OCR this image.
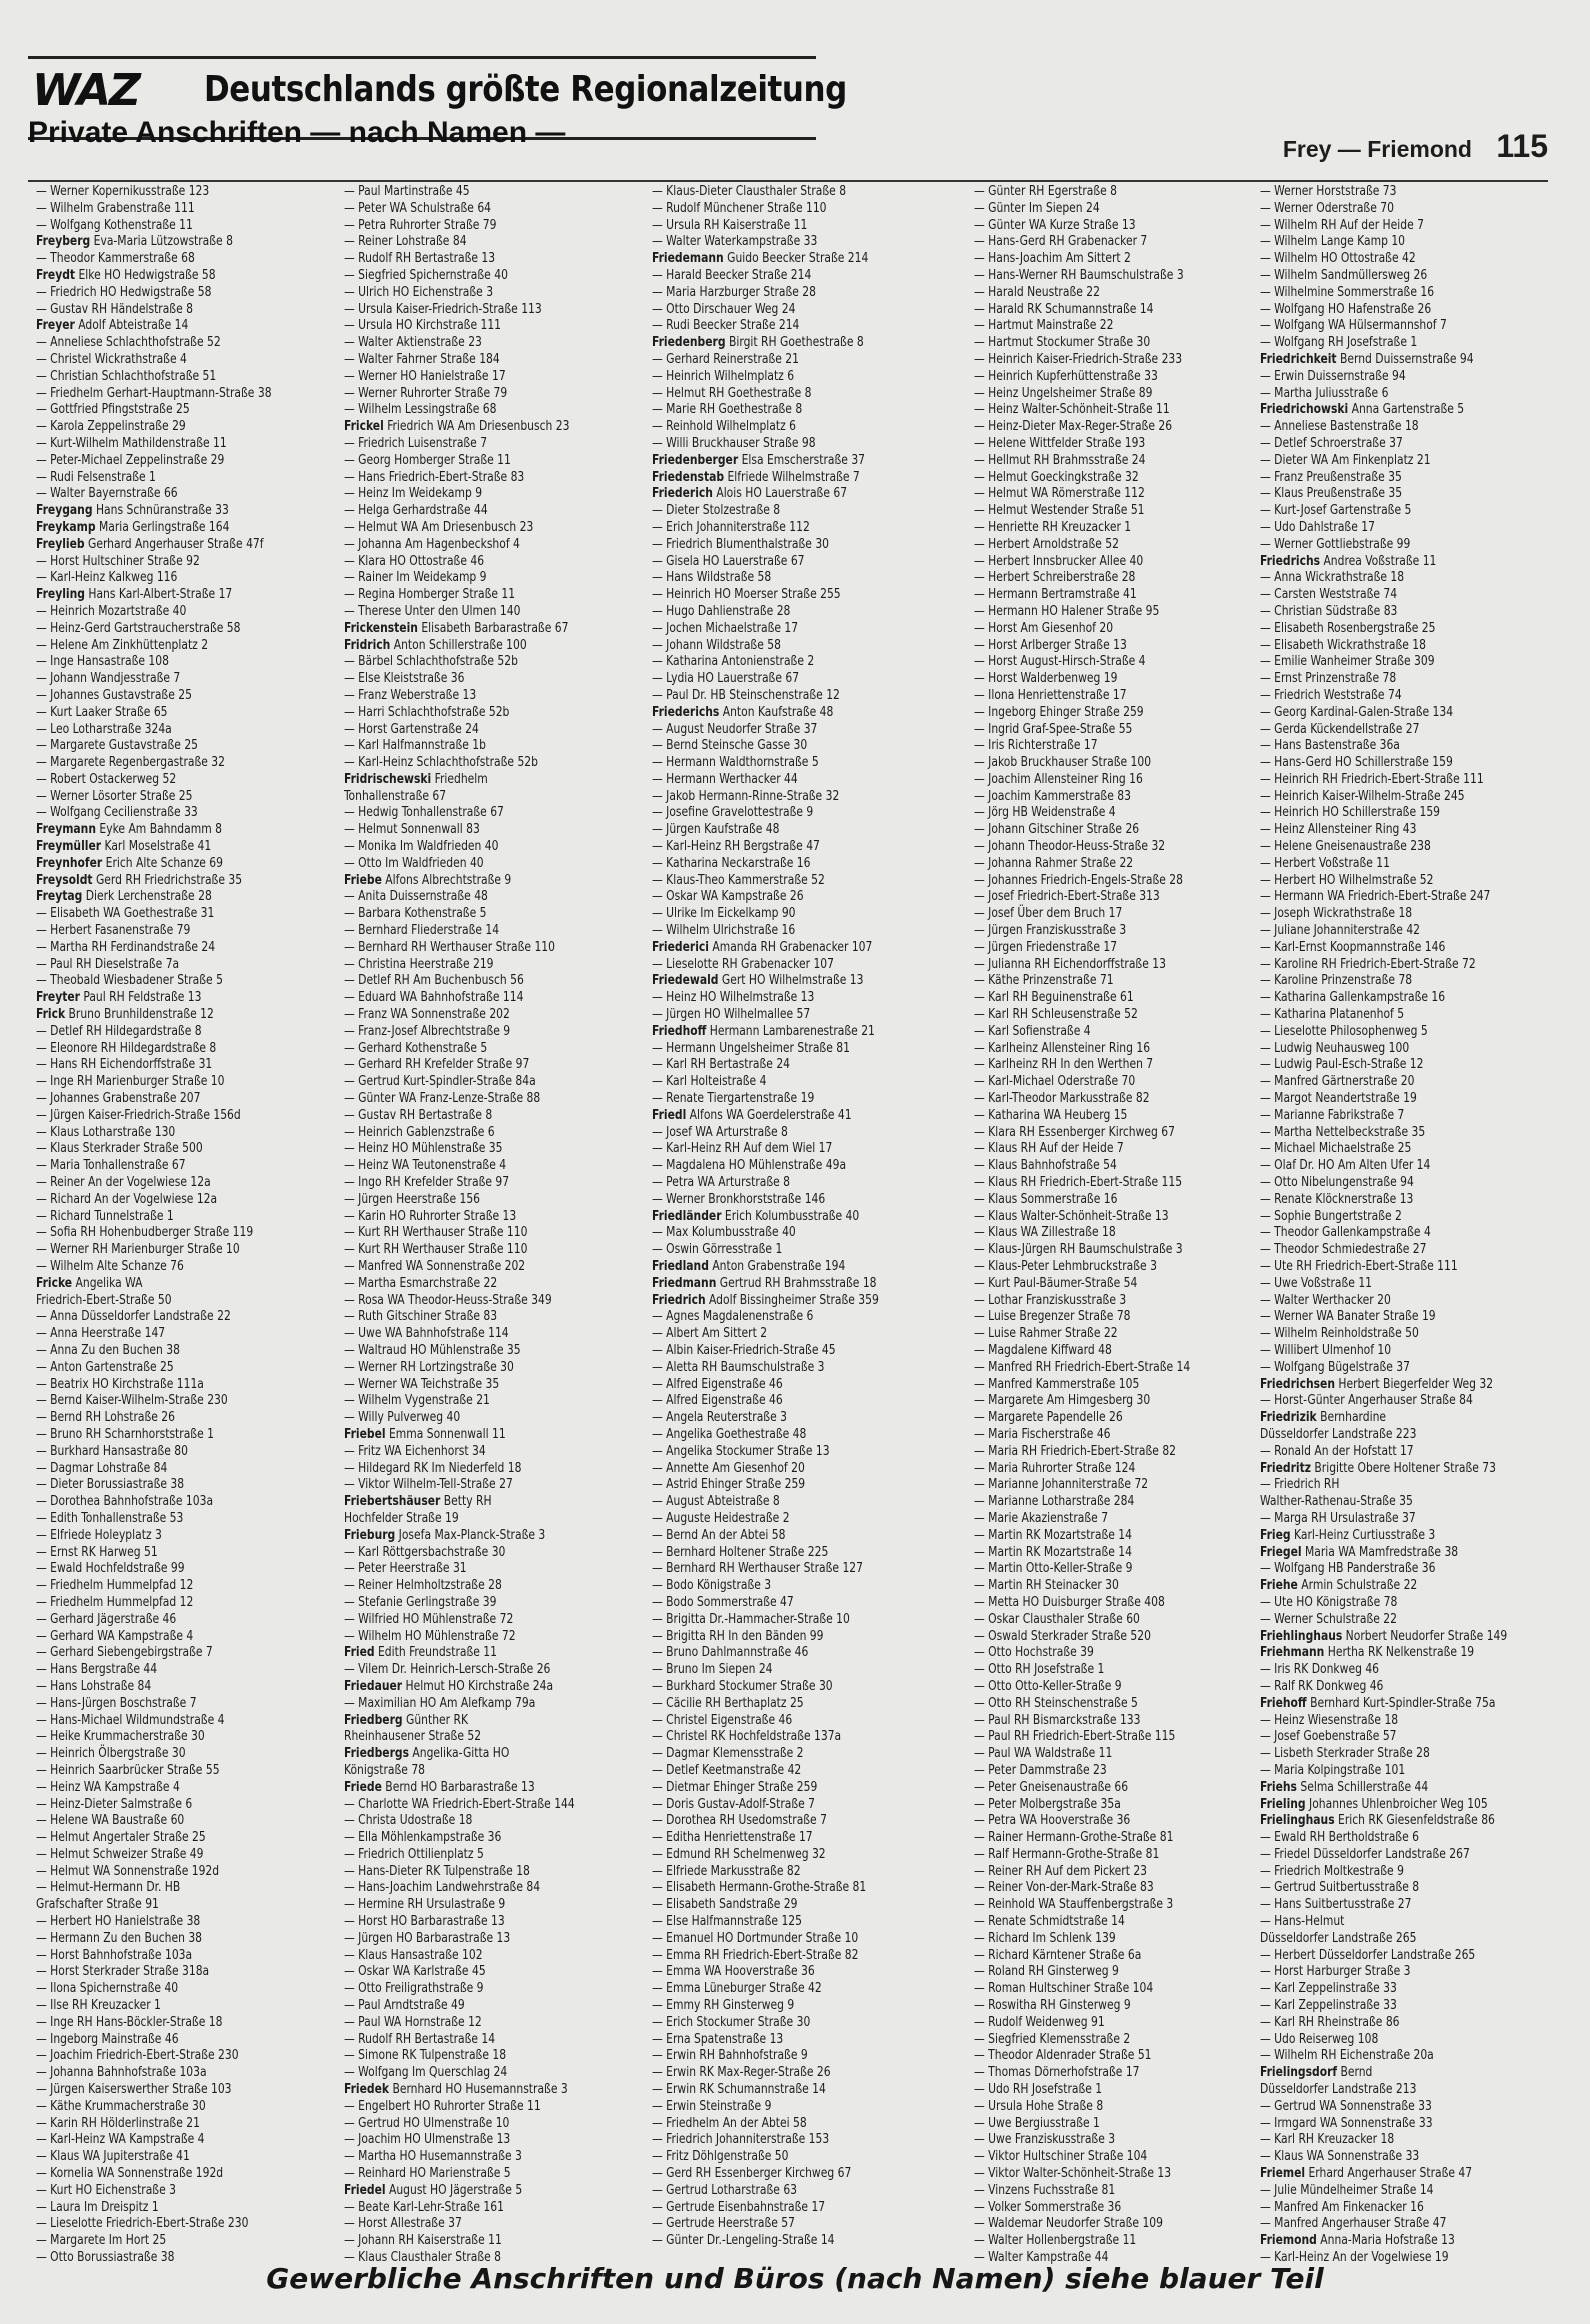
WAZ Deutschlands größte Regionalzeitung
Private Anschriften — nach Namen —	Frey — Friemond 115
— Werner Kopernikusstraße 123
— Wilhelm Grabenstraße 111
— Wolfgang Kothenstraße 11
Freyberg Eva-Maria Lützowstraße 8
— Theodor Kammerstraße 68
Freydt Elke HO Hedwigstraße 58
— Friedrich HO Hedwigstraße 58
— Gustav RH Händelstraße 8
Freyer Adolf Abteistraße 14
— Anneliese Schlachthofstraße 52
— Christel Wickrathstraße 4
— Christian Schlachthofstraße 51
— Friedhelm Gerhart-Hauptmann-Straße 38
— Gottfried Pfingststraße 25
— Karola Zeppelinstraße 29
— Kurt-Wilhelm Mathildenstraße 11
— Peter-Michael Zeppelinstraße 29
— Rudi Felsenstraße 1
— Walter Bayernstraße 66
Freygang Hans Schnüranstraße 33
Freykamp Maria Gerlingstraße 164
Freylieb Gerhard Angerhauser Straße 47f
— Horst Hultschiner Straße 92
— Karl-Heinz Kalkweg 116
Freyling Hans Karl-Albert-Straße 17
— Heinrich Mozartstraße 40
— Heinz-Gerd Gartstraucherstraße 58
— Helene Am Zinkhüttenplatz 2
— Inge Hansastraße 108
— Johann Wandjesstraße 7
— Johannes Gustavstraße 25
— Kurt Laaker Straße 65
— Leo Lotharstraße 324a
— Margarete Gustavstraße 25
— Margarete Regenbergastraße 32
— Robert Ostackerweg 52
— Werner Lösorter Straße 25
— Wolfgang Cecilienstraße 33
Freymann Eyke Am Bahndamm 8
Freymüller Karl Moselstraße 41
Freynhofer Erich Alte Schanze 69
Freysoldt Gerd RH Friedrichstraße 35
Freytag Dierk Lerchenstraße 28
— Elisabeth WA Goethestraße 31
— Herbert Fasanenstraße 79
— Martha RH Ferdinandstraße 24
— Paul RH Dieselstraße 7a
— Theobald Wiesbadener Straße 5
Freyter Paul RH Feldstraße 13
Frick Bruno Brunhildenstraße 12
— Detlef RH Hildegardstraße 8
— Eleonore RH Hildegardstraße 8
— Hans RH Eichendorffstraße 31
— Inge RH Marienburger Straße 10
— Johannes Grabenstraße 207
— Jürgen Kaiser-Friedrich-Straße 156d
— Klaus Lotharstraße 130
— Klaus Sterkrader Straße 500
— Maria Tonhallenstraße 67
— Reiner An der Vogelwiese 12a
— Richard An der Vogelwiese 12a
— Richard Tunnelstraße 1
— Sofia RH Hohenbudberger Straße 119
— Werner RH Marienburger Straße 10
— Wilhelm Alte Schanze 76
Fricke Angelika WA
Friedrich-Ebert-Straße 50
— Anna Düsseldorfer Landstraße 22
— Anna Heerstraße 147
— Anna Zu den Buchen 38
— Anton Gartenstraße 25
— Beatrix HO Kirchstraße 111a
— Bernd Kaiser-Wilhelm-Straße 230
— Bernd RH Lohstraße 26
— Bruno RH Scharnhorststraße 1
— Burkhard Hansastraße 80
— Dagmar Lohstraße 84
— Dieter Borussiastraße 38
— Dorothea Bahnhofstraße 103a
— Edith Tonhallenstraße 53
— Elfriede Holeyplatz 3
— Ernst RK Harweg 51
— Ewald Hochfeldstraße 99
— Friedhelm Hummelpfad 12
— Friedhelm Hummelpfad 12
— Gerhard Jägerstraße 46
— Gerhard WA Kampstraße 4
— Gerhard Siebengebirgstraße 7
— Hans Bergstraße 44
— Hans Lohstraße 84
— Hans-Jürgen Boschstraße 7
— Hans-Michael Wildmundstraße 4
— Heike Krummacherstraße 30
— Heinrich Ölbergstraße 30
— Heinrich Saarbrücker Straße 55
— Heinz WA Kampstraße 4
— Heinz-Dieter Salmstraße 6
— Helene WA Baustraße 60
— Helmut Angertaler Straße 25
— Helmut Schweizer Straße 49
— Helmut WA Sonnenstraße 192d
— Helmut-Hermann Dr. HB
Grafschafter Straße 91
— Herbert HO Hanielstraße 38
— Hermann Zu den Buchen 38
— Horst Bahnhofstraße 103a
— Horst Sterkrader Straße 318a
— Ilona Spichernstraße 40
— Ilse RH Kreuzacker 1
— Inge RH Hans-Böckler-Straße 18
— Ingeborg Mainstraße 46
— Joachim Friedrich-Ebert-Straße 230
— Johanna Bahnhofstraße 103a
— Jürgen Kaiserswerther Straße 103
— Käthe Krummacherstraße 30
— Karin RH Hölderlinstraße 21
— Karl-Heinz WA Kampstraße 4
— Klaus WA Jupiterstraße 41
— Kornelia WA Sonnenstraße 192d
— Kurt HO Eichenstraße 3
— Laura Im Dreispitz 1
— Lieselotte Friedrich-Ebert-Straße 230
— Margarete Im Hort 25
— Otto Borussiastraße 38
— Paul Martinstraße 45
— Peter WA Schulstraße 64
— Petra Ruhrorter Straße 79
— Reiner Lohstraße 84
— Rudolf RH Bertastraße 13
— Siegfried Spichernstraße 40
— Ulrich HO Eichenstraße 3
— Ursula Kaiser-Friedrich-Straße 113
— Ursula HO Kirchstraße 111
— Walter Aktienstraße 23
— Walter Fahrner Straße 184
— Werner HO Hanielstraße 17
— Werner Ruhrorter Straße 79
— Wilhelm Lessingstraße 68
Frickel Friedrich WA Am Driesenbusch 23
— Friedrich Luisenstraße 7
— Georg Homberger Straße 11
— Hans Friedrich-Ebert-Straße 83
— Heinz Im Weidekamp 9
— Helga Gerhardstraße 44
— Helmut WA Am Driesenbusch 23
— Johanna Am Hagenbeckshof 4
— Klara HO Ottostraße 46
— Rainer Im Weidekamp 9
— Regina Homberger Straße 11
— Therese Unter den Ulmen 140
Frickenstein Elisabeth Barbarastraße 67
Fridrich Anton Schillerstraße 100
— Bärbel Schlachthofstraße 52b
— Else Kleiststraße 36
— Franz Weberstraße 13
— Harri Schlachthofstraße 52b
— Horst Gartenstraße 24
— Karl Halfmannstraße 1b
— Karl-Heinz Schlachthofstraße 52b
Fridrischewski Friedhelm
Tonhallenstraße 67
— Hedwig Tonhallenstraße 67
— Helmut Sonnenwall 83
— Monika Im Waldfrieden 40
— Otto Im Waldfrieden 40
Friebe Alfons Albrechtstraße 9
— Anita Duissernstraße 48
— Barbara Kothenstraße 5
— Bernhard Fliederstraße 14
— Bernhard RH Werthauser Straße 110
— Christina Heerstraße 219
— Detlef RH Am Buchenbusch 56
— Eduard WA Bahnhofstraße 114
— Franz WA Sonnenstraße 202
— Franz-Josef Albrechtstraße 9
— Gerhard Kothenstraße 5
— Gerhard RH Krefelder Straße 97
— Gertrud Kurt-Spindler-Straße 84a
— Günter WA Franz-Lenze-Straße 88
— Gustav RH Bertastraße 8
— Heinrich Gablenzstraße 6
— Heinz HO Mühlenstraße 35
— Heinz WA Teutonenstraße 4
— Ingo RH Krefelder Straße 97
— Jürgen Heerstraße 156
— Karin HO Ruhrorter Straße 13
— Kurt RH Werthauser Straße 110
— Kurt RH Werthauser Straße 110
— Manfred WA Sonnenstraße 202
— Martha Esmarchstraße 22
— Rosa WA Theodor-Heuss-Straße 349
— Ruth Gitschiner Straße 83
— Uwe WA Bahnhofstraße 114
— Waltraud HO Mühlenstraße 35
— Werner RH Lortzingstraße 30
— Werner WA Teichstraße 35
— Wilhelm Vygenstraße 21
— Willy Pulverweg 40
Friebel Emma Sonnenwall 11
— Fritz WA Eichenhorst 34
— Hildegard RK Im Niederfeld 18
— Viktor Wilhelm-Tell-Straße 27
Friebertshäuser Betty RH
Hochfelder Straße 19
Frieburg Josefa Max-Planck-Straße 3
— Karl Röttgersbachstraße 30
— Peter Heerstraße 31
— Reiner Helmholtzstraße 28
— Stefanie Gerlingstraße 39
— Wilfried HO Mühlenstraße 72
— Wilhelm HO Mühlenstraße 72
Fried Edith Freundstraße 11
— Vilem Dr. Heinrich-Lersch-Straße 26
Friedauer Helmut HO Kirchstraße 24a
— Maximilian HO Am Alefkamp 79a
Friedberg Günther RK
Rheinhausener Straße 52
Friedbergs Angelika-Gitta HO
Königstraße 78
Friede Bernd HO Barbarastraße 13
— Charlotte WA Friedrich-Ebert-Straße 144
— Christa Udostraße 18
— Ella Möhlenkampstraße 36
— Friedrich Ottilienplatz 5
— Hans-Dieter RK Tulpenstraße 18
— Hans-Joachim Landwehrstraße 84
— Hermine RH Ursulastraße 9
— Horst HO Barbarastraße 13
— Jürgen HO Barbarastraße 13
— Klaus Hansastraße 102
— Oskar WA Karlstraße 45
— Otto Freiligrathstraße 9
— Paul Arndtstraße 49
— Paul WA Hornstraße 12
— Rudolf RH Bertastraße 14
— Simone RK Tulpenstraße 18
— Wolfgang Im Querschlag 24
Friedek Bernhard HO Husemannstraße 3
— Engelbert HO Ruhrorter Straße 11
— Gertrud HO Ulmenstraße 10
— Joachim HO Ulmenstraße 13
— Martha HO Husemannstraße 3
— Reinhard HO Marienstraße 5
Friedel August HO Jägerstraße 5
— Beate Karl-Lehr-Straße 161
— Horst Allestraße 37
— Johann RH Kaiserstraße 11
— Klaus Clausthaler Straße 8
— Klaus-Dieter Clausthaler Straße 8
— Rudolf Münchener Straße 110
— Ursula RH Kaiserstraße 11
— Walter Waterkampstraße 33
Friedemann Guido Beecker Straße 214
— Harald Beecker Straße 214
— Maria Harzburger Straße 28
— Otto Dirschauer Weg 24
— Rudi Beecker Straße 214
Friedenberg Birgit RH Goethestraße 8
— Gerhard Reinerstraße 21
— Heinrich Wilhelmplatz 6
— Helmut RH Goethestraße 8
— Marie RH Goethestraße 8
— Reinhold Wilhelmplatz 6
— Willi Bruckhauser Straße 98
Friedenberger Elsa Emscherstraße 37
Friedenstab Elfriede Wilhelmstraße 7
Friederich Alois HO Lauerstraße 67
— Dieter Stolzestraße 8
— Erich Johanniterstraße 112
— Friedrich Blumenthalstraße 30
— Gisela HO Lauerstraße 67
— Hans Wildstraße 58
— Heinrich HO Moerser Straße 255
— Hugo Dahlienstraße 28
— Jochen Michaelstraße 17
— Johann Wildstraße 58
— Katharina Antonienstraße 2
— Lydia HO Lauerstraße 67
— Paul Dr. HB Steinschenstraße 12
Friederichs Anton Kaufstraße 48
— August Neudorfer Straße 37
— Bernd Steinsche Gasse 30
— Hermann Waldthornstraße 5
— Hermann Werthacker 44
— Jakob Hermann-Rinne-Straße 32
— Josefine Gravelottestraße 9
— Jürgen Kaufstraße 48
— Karl-Heinz RH Bergstraße 47
— Katharina Neckarstraße 16
— Klaus-Theo Kammerstraße 52
— Oskar WA Kampstraße 26
— Ulrike Im Eickelkamp 90
— Wilhelm Ulrichstraße 16
Friederici Amanda RH Grabenacker 107
— Lieselotte RH Grabenacker 107
Friedewald Gert HO Wilhelmstraße 13
— Heinz HO Wilhelmstraße 13
— Jürgen HO Wilhelmallee 57
Friedhoff Hermann Lambarenestraße 21
— Hermann Ungelsheimer Straße 81
— Karl RH Bertastraße 24
— Karl Holteistraße 4
— Renate Tiergartenstraße 19
Friedl Alfons WA Goerdelerstraße 41
— Josef WA Arturstraße 8
— Karl-Heinz RH Auf dem Wiel 17
— Magdalena HO Mühlenstraße 49a
— Petra WA Arturstraße 8
— Werner Bronkhorststraße 146
Friedländer Erich Kolumbusstraße 40
— Max Kolumbusstraße 40
— Oswin Görresstraße 1
Friedland Anton Grabenstraße 194
Friedmann Gertrud RH Brahmsstraße 18
Friedrich Adolf Bissingheimer Straße 359
— Agnes Magdalenenstraße 6
— Albert Am Sittert 2
— Albin Kaiser-Friedrich-Straße 45
— Aletta RH Baumschulstraße 3
— Alfred Eigenstraße 46
— Alfred Eigenstraße 46
— Angela Reuterstraße 3
— Angelika Goethestraße 48
— Angelika Stockumer Straße 13
— Annette Am Giesenhof 20
— Astrid Ehinger Straße 259
— August Abteistraße 8
— Auguste Heidestraße 2
— Bernd An der Abtei 58
— Bernhard Holtener Straße 225
— Bernhard RH Werthauser Straße 127
— Bodo Königstraße 3
— Bodo Sommerstraße 47
— Brigitta Dr.-Hammacher-Straße 10
— Brigitta RH In den Bänden 99
— Bruno Dahlmannstraße 46
— Bruno Im Siepen 24
— Burkhard Stockumer Straße 30
— Cäcilie RH Berthaplatz 25
— Christel Eigenstraße 46
— Christel RK Hochfeldstraße 137a
— Dagmar Klemensstraße 2
— Detlef Keetmanstraße 42
— Dietmar Ehinger Straße 259
— Doris Gustav-Adolf-Straße 7
— Dorothea RH Usedomstraße 7
— Editha Henriettenstraße 17
— Edmund RH Schelmenweg 32
— Elfriede Markusstraße 82
— Elisabeth Hermann-Grothe-Straße 81
— Elisabeth Sandstraße 29
— Else Halfmannstraße 125
— Emanuel HO Dortmunder Straße 10
— Emma RH Friedrich-Ebert-Straße 82
— Emma WA Hooverstraße 36
— Emma Lüneburger Straße 42
— Emmy RH Ginsterweg 9
— Erich Stockumer Straße 30
— Erna Spatenstraße 13
— Erwin RH Bahnhofstraße 9
— Erwin RK Max-Reger-Straße 26
— Erwin RK Schumannstraße 14
— Erwin Steinstraße 9
— Friedhelm An der Abtei 58
— Friedrich Johanniterstraße 153
— Fritz Döhlgenstraße 50
— Gerd RH Essenberger Kirchweg 67
— Gertrud Lotharstraße 63
— Gertrude Eisenbahnstraße 17
— Gertrude Heerstraße 57
— Günter Dr.-Lengeling-Straße 14
— Günter RH Egerstraße 8
— Günter Im Siepen 24
— Günter WA Kurze Straße 13
— Hans-Gerd RH Grabenacker 7
— Hans-Joachim Am Sittert 2
— Hans-Werner RH Baumschulstraße 3
— Harald Neustraße 22
— Harald RK Schumannstraße 14
— Hartmut Mainstraße 22
— Hartmut Stockumer Straße 30
— Heinrich Kaiser-Friedrich-Straße 233
— Heinrich Kupferhüttenstraße 33
— Heinz Ungelsheimer Straße 89
— Heinz Walter-Schönheit-Straße 11
— Heinz-Dieter Max-Reger-Straße 26
— Helene Wittfelder Straße 193
— Hellmut RH Brahmsstraße 24
— Helmut Goeckingkstraße 32
— Helmut WA Römerstraße 112
— Helmut Westender Straße 51
— Henriette RH Kreuzacker 1
— Herbert Arnoldstraße 52
— Herbert Innsbrucker Allee 40
— Herbert Schreiberstraße 28
— Hermann Bertramstraße 41
— Hermann HO Halener Straße 95
— Horst Am Giesenhof 20
— Horst Arlberger Straße 13
— Horst August-Hirsch-Straße 4
— Horst Walderbenweg 19
— Ilona Henriettenstraße 17
— Ingeborg Ehinger Straße 259
— Ingrid Graf-Spee-Straße 55
— Iris Richterstraße 17
— Jakob Bruckhauser Straße 100
— Joachim Allensteiner Ring 16
— Joachim Kammerstraße 83
— Jörg HB Weidenstraße 4
— Johann Gitschiner Straße 26
— Johann Theodor-Heuss-Straße 32
— Johanna Rahmer Straße 22
— Johannes Friedrich-Engels-Straße 28
— Josef Friedrich-Ebert-Straße 313
— Josef Über dem Bruch 17
— Jürgen Franziskusstraße 3
— Jürgen Friedenstraße 17
— Julianna RH Eichendorffstraße 13
— Käthe Prinzenstraße 71
— Karl RH Beguinenstraße 61
— Karl RH Schleusenstraße 52
— Karl Sofienstraße 4
— Karlheinz Allensteiner Ring 16
— Karlheinz RH In den Werthen 7
— Karl-Michael Oderstraße 70
— Karl-Theodor Markusstraße 82
— Katharina WA Heuberg 15
— Klara RH Essenberger Kirchweg 67
— Klaus RH Auf der Heide 7
— Klaus Bahnhofstraße 54
— Klaus RH Friedrich-Ebert-Straße 115
— Klaus Sommerstraße 16
— Klaus Walter-Schönheit-Straße 13
— Klaus WA Zillestraße 18
— Klaus-Jürgen RH Baumschulstraße 3
— Klaus-Peter Lehmbruckstraße 3
— Kurt Paul-Bäumer-Straße 54
— Lothar Franziskusstraße 3
— Luise Bregenzer Straße 78
— Luise Rahmer Straße 22
— Magdalene Kiffward 48
— Manfred RH Friedrich-Ebert-Straße 14
— Manfred Kammerstraße 105
— Margarete Am Himgesberg 30
— Margarete Papendelle 26
— Maria Fischerstraße 46
— Maria RH Friedrich-Ebert-Straße 82
— Maria Ruhrorter Straße 124
— Marianne Johanniterstraße 72
— Marianne Lotharstraße 284
— Marie Akazienstraße 7
— Martin RK Mozartstraße 14
— Martin RK Mozartstraße 14
— Martin Otto-Keller-Straße 9
— Martin RH Steinacker 30
— Metta HO Duisburger Straße 408
— Oskar Clausthaler Straße 60
— Oswald Sterkrader Straße 520
— Otto Hochstraße 39
— Otto RH Josefstraße 1
— Otto Otto-Keller-Straße 9
— Otto RH Steinschenstraße 5
— Paul RH Bismarckstraße 133
— Paul RH Friedrich-Ebert-Straße 115
— Paul WA Waldstraße 11
— Peter Dammstraße 23
— Peter Gneisenaustraße 66
— Peter Molbergstraße 35a
— Petra WA Hooverstraße 36
— Rainer Hermann-Grothe-Straße 81
— Ralf Hermann-Grothe-Straße 81
— Reiner RH Auf dem Pickert 23
— Reiner Von-der-Mark-Straße 83
— Reinhold WA Stauffenbergstraße 3
— Renate Schmidtstraße 14
— Richard Im Schlenk 139
— Richard Kärntener Straße 6a
— Roland RH Ginsterweg 9
— Roman Hultschiner Straße 104
— Roswitha RH Ginsterweg 9
— Rudolf Weidenweg 91
— Siegfried Klemensstraße 2
— Theodor Aldenrader Straße 51
— Thomas Dörnerhofstraße 17
— Udo RH Josefstraße 1
— Ursula Hohe Straße 8
— Uwe Bergiusstraße 1
— Uwe Franziskusstraße 3
— Viktor Hultschiner Straße 104
— Viktor Walter-Schönheit-Straße 13
— Vinzens Fuchsstraße 81
— Volker Sommerstraße 36
— Waldemar Neudorfer Straße 109
— Walter Hollenbergstraße 11
— Walter Kampstraße 44
— Werner Horststraße 73
— Werner Oderstraße 70
— Wilhelm RH Auf der Heide 7
— Wilhelm Lange Kamp 10
— Wilhelm HO Ottostraße 42
— Wilhelm Sandmüllersweg 26
— Wilhelmine Sommerstraße 16
— Wolfgang HO Hafenstraße 26
— Wolfgang WA Hülsermannshof 7
— Wolfgang RH Josefstraße 1
Friedrichkeit Bernd Duissernstraße 94
— Erwin Duissernstraße 94
— Martha Juliusstraße 6
Friedrichowski Anna Gartenstraße 5
— Anneliese Bastenstraße 18
— Detlef Schroerstraße 37
— Dieter WA Am Finkenplatz 21
— Franz Preußenstraße 35
— Klaus Preußenstraße 35
— Kurt-Josef Gartenstraße 5
— Udo Dahlstraße 17
— Werner Gottliebstraße 99
Friedrichs Andrea Voßstraße 11
— Anna Wickrathstraße 18
— Carsten Weststraße 74
— Christian Südstraße 83
— Elisabeth Rosenbergstraße 25
— Elisabeth Wickrathstraße 18
— Emilie Wanheimer Straße 309
— Ernst Prinzenstraße 78
— Friedrich Weststraße 74
— Georg Kardinal-Galen-Straße 134
— Gerda Kückendellstraße 27
— Hans Bastenstraße 36a
— Hans-Gerd HO Schillerstraße 159
— Heinrich RH Friedrich-Ebert-Straße 111
— Heinrich Kaiser-Wilhelm-Straße 245
— Heinrich HO Schillerstraße 159
— Heinz Allensteiner Ring 43
— Helene Gneisenaustraße 238
— Herbert Voßstraße 11
— Herbert HO Wilhelmstraße 52
— Hermann WA Friedrich-Ebert-Straße 247
— Joseph Wickrathstraße 18
— Juliane Johanniterstraße 42
— Karl-Ernst Koopmannstraße 146
— Karoline RH Friedrich-Ebert-Straße 72
— Karoline Prinzenstraße 78
— Katharina Gallenkampstraße 16
— Katharina Platanenhof 5
— Lieselotte Philosophenweg 5
— Ludwig Neuhausweg 100
— Ludwig Paul-Esch-Straße 12
— Manfred Gärtnerstraße 20
— Margot Neandertstraße 19
— Marianne Fabrikstraße 7
— Martha Nettelbeckstraße 35
— Michael Michaelstraße 25
— Olaf Dr. HO Am Alten Ufer 14
— Otto Nibelungenstraße 94
— Renate Klöcknerstraße 13
— Sophie Bungertstraße 2
— Theodor Gallenkampstraße 4
— Theodor Schmiedestraße 27
— Ute RH Friedrich-Ebert-Straße 111
— Uwe Voßstraße 11
— Walter Werthacker 20
— Werner WA Banater Straße 19
— Wilhelm Reinholdstraße 50
— Willibert Ulmenhof 10
— Wolfgang Bügelstraße 37
Friedrichsen Herbert Biegerfelder Weg 32
— Horst-Günter Angerhauser Straße 84
Friedrizik Bernhardine
Düsseldorfer Landstraße 223
— Ronald An der Hofstatt 17
Friedritz Brigitte Obere Holtener Straße 73
— Friedrich RH
Walther-Rathenau-Straße 35
— Marga RH Ursulastraße 37
Frieg Karl-Heinz Curtiusstraße 3
Friegel Maria WA Mamfredstraße 38
— Wolfgang HB Panderstraße 36
Friehe Armin Schulstraße 22
— Ute HO Königstraße 78
— Werner Schulstraße 22
Friehlinghaus Norbert Neudorfer Straße 149
Friehmann Hertha RK Nelkenstraße 19
— Iris RK Donkweg 46
— Ralf RK Donkweg 46
Friehoff Bernhard Kurt-Spindler-Straße 75a
— Heinz Wiesenstraße 18
— Josef Goebenstraße 57
— Lisbeth Sterkrader Straße 28
— Maria Kolpingstraße 101
Friehs Selma Schillerstraße 44
Frieling Johannes Uhlenbroicher Weg 105
Frielinghaus Erich RK Giesenfeldstraße 86
— Ewald RH Bertholdstraße 6
— Friedel Düsseldorfer Landstraße 267
— Friedrich Moltkestraße 9
— Gertrud Suitbertusstraße 8
— Hans Suitbertusstraße 27
— Hans-Helmut
Düsseldorfer Landstraße 265
— Herbert Düsseldorfer Landstraße 265
— Horst Harburger Straße 3
— Karl Zeppelinstraße 33
— Karl Zeppelinstraße 33
— Karl RH Rheinstraße 86
— Udo Reiserweg 108
— Wilhelm RH Eichenstraße 20a
Frielingsdorf Bernd
Düsseldorfer Landstraße 213
— Gertrud WA Sonnenstraße 33
— Irmgard WA Sonnenstraße 33
— Karl RH Kreuzacker 18
— Klaus WA Sonnenstraße 33
Friemel Erhard Angerhauser Straße 47
— Julie Mündelheimer Straße 14
— Manfred Am Finkenacker 16
— Manfred Angerhauser Straße 47
Friemond Anna-Maria Hofstraße 13
— Karl-Heinz An der Vogelwiese 19
Gewerbliche Anschriften und Büros (nach Namen) siehe blauer Teil
